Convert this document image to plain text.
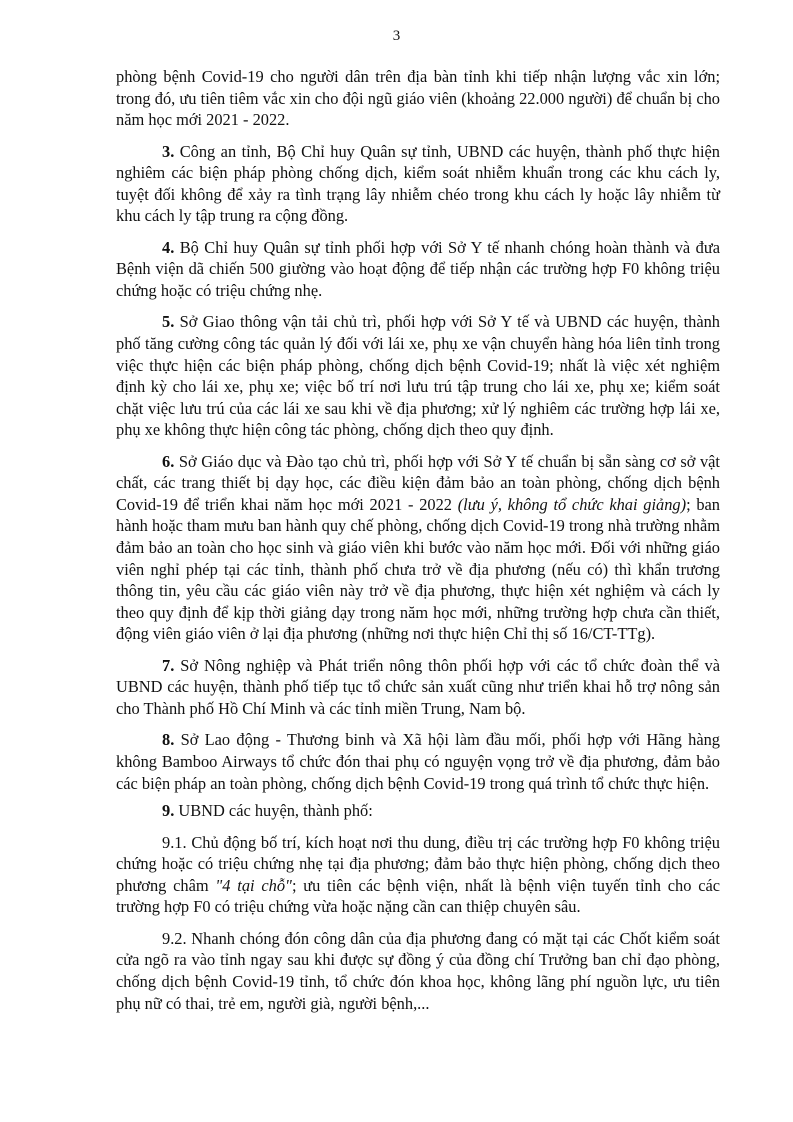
3

phòng bệnh Covid-19 cho người dân trên địa bàn tỉnh khi tiếp nhận lượng vắc xin lớn; trong đó, ưu tiên tiêm vắc xin cho đội ngũ giáo viên (khoảng 22.000 người) để chuẩn bị cho năm học mới 2021 - 2022.

3. Công an tỉnh, Bộ Chỉ huy Quân sự tỉnh, UBND các huyện, thành phố thực hiện nghiêm các biện pháp phòng chống dịch, kiểm soát nhiễm khuẩn trong các khu cách ly, tuyệt đối không để xảy ra tình trạng lây nhiễm chéo trong khu cách ly hoặc lây nhiễm từ khu cách ly tập trung ra cộng đồng.

4. Bộ Chỉ huy Quân sự tỉnh phối hợp với Sở Y tế nhanh chóng hoàn thành và đưa Bệnh viện dã chiến 500 giường vào hoạt động để tiếp nhận các trường hợp F0 không triệu chứng hoặc có triệu chứng nhẹ.

5. Sở Giao thông vận tải chủ trì, phối hợp với Sở Y tế và UBND các huyện, thành phố tăng cường công tác quản lý đối với lái xe, phụ xe vận chuyển hàng hóa liên tỉnh trong việc thực hiện các biện pháp phòng, chống dịch bệnh Covid-19; nhất là việc xét nghiệm định kỳ cho lái xe, phụ xe; việc bố trí nơi lưu trú tập trung cho lái xe, phụ xe; kiểm soát chặt việc lưu trú của các lái xe sau khi về địa phương; xử lý nghiêm các trường hợp lái xe, phụ xe không thực hiện công tác phòng, chống dịch theo quy định.

6. Sở Giáo dục và Đào tạo chủ trì, phối hợp với Sở Y tế chuẩn bị sẵn sàng cơ sở vật chất, các trang thiết bị dạy học, các điều kiện đảm bảo an toàn phòng, chống dịch bệnh Covid-19 để triển khai năm học mới 2021 - 2022 (lưu ý, không tổ chức khai giảng); ban hành hoặc tham mưu ban hành quy chế phòng, chống dịch Covid-19 trong nhà trường nhằm đảm bảo an toàn cho học sinh và giáo viên khi bước vào năm học mới. Đối với những giáo viên nghỉ phép tại các tỉnh, thành phố chưa trở về địa phương (nếu có) thì khẩn trương thông tin, yêu cầu các giáo viên này trở về địa phương, thực hiện xét nghiệm và cách ly theo quy định để kịp thời giảng dạy trong năm học mới, những trường hợp chưa cần thiết, động viên giáo viên ở lại địa phương (những nơi thực hiện Chỉ thị số 16/CT-TTg).

7. Sở Nông nghiệp và Phát triển nông thôn phối hợp với các tổ chức đoàn thể và UBND các huyện, thành phố tiếp tục tổ chức sản xuất cũng như triển khai hỗ trợ nông sản cho Thành phố Hồ Chí Minh và các tỉnh miền Trung, Nam bộ.

8. Sở Lao động - Thương binh và Xã hội làm đầu mối, phối hợp với Hãng hàng không Bamboo Airways tổ chức đón thai phụ có nguyện vọng trở về địa phương, đảm bảo các biện pháp an toàn phòng, chống dịch bệnh Covid-19 trong quá trình tổ chức thực hiện.

9. UBND các huyện, thành phố:

9.1. Chủ động bố trí, kích hoạt nơi thu dung, điều trị các trường hợp F0 không triệu chứng hoặc có triệu chứng nhẹ tại địa phương; đảm bảo thực hiện phòng, chống dịch theo phương châm "4 tại chỗ"; ưu tiên các bệnh viện, nhất là bệnh viện tuyến tỉnh cho các trường hợp F0 có triệu chứng vừa hoặc nặng cần can thiệp chuyên sâu.

9.2. Nhanh chóng đón công dân của địa phương đang có mặt tại các Chốt kiểm soát cửa ngõ ra vào tỉnh ngay sau khi được sự đồng ý của đồng chí Trưởng ban chỉ đạo phòng, chống dịch bệnh Covid-19 tỉnh, tổ chức đón khoa học, không lãng phí nguồn lực, ưu tiên phụ nữ có thai, trẻ em, người già, người bệnh,...
